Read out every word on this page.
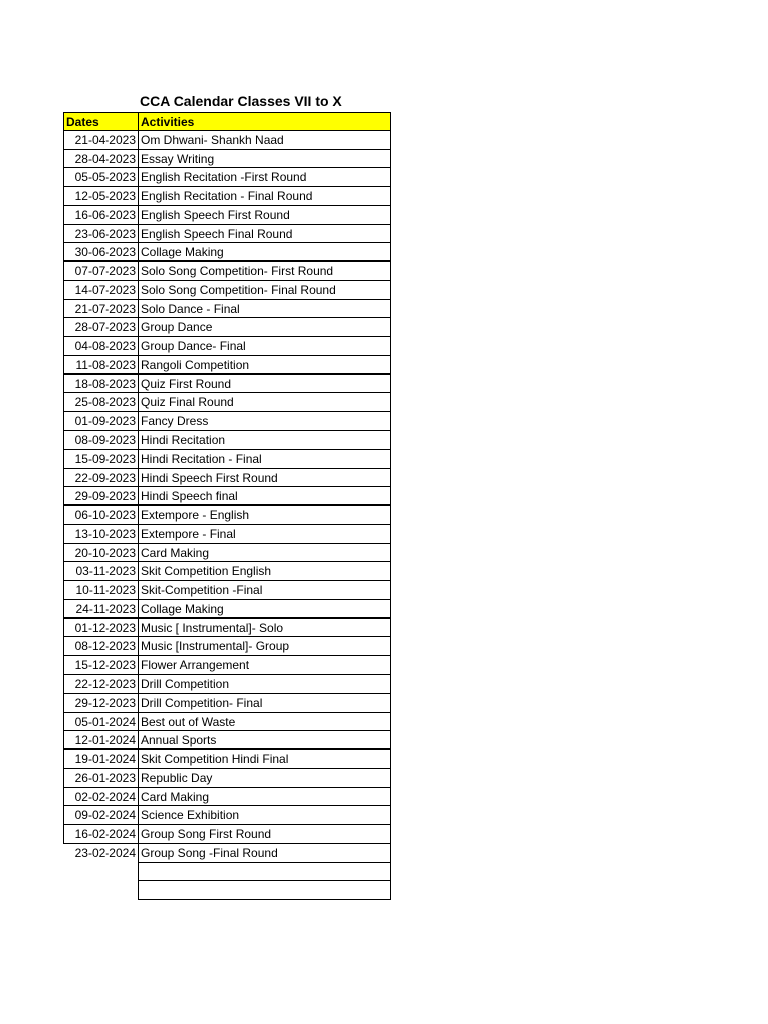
CCA Calendar Classes VII to X
Dates	Activities
21-04-2023 Om Dhwani- Shankh Naad
28-04-2023 Essay Writing
05-05-2023 English Recitation -First Round
12-05-2023 English Recitation - Final Round
16-06-2023 English Speech First Round
23-06-2023 English Speech Final Round
30-06-2023 Collage Making
07-07-2023 Solo Song Competition- First Round
14-07-2023 Solo Song Competition- Final Round
21-07-2023 Solo Dance - Final
28-07-2023 Group Dance
04-08-2023 Group Dance- Final
11-08-2023 Rangoli Competition
18-08-2023 Quiz First Round
25-08-2023 Quiz Final Round
01-09-2023 Fancy Dress
08-09-2023 Hindi Recitation
15-09-2023 Hindi Recitation - Final
22-09-2023 Hindi Speech First Round
29-09-2023 Hindi Speech final
06-10-2023 Extempore - English
13-10-2023 Extempore - Final
20-10-2023 Card Making
03-11-2023 Skit Competition English
10-11-2023 Skit-Competition -Final
24-11-2023 Collage Making
01-12-2023 Music [ Instrumental]- Solo
08-12-2023 Music [Instrumental]- Group
15-12-2023 Flower Arrangement
22-12-2023 Drill Competition
29-12-2023 Drill Competition- Final
05-01-2024 Best out of Waste
12-01-2024 Annual Sports
19-01-2024 Skit Competition Hindi Final
26-01-2023 Republic Day
02-02-2024 Card Making
09-02-2024 Science Exhibition
16-02-2024 Group Song First Round
23-02-2024 Group Song -Final Round
